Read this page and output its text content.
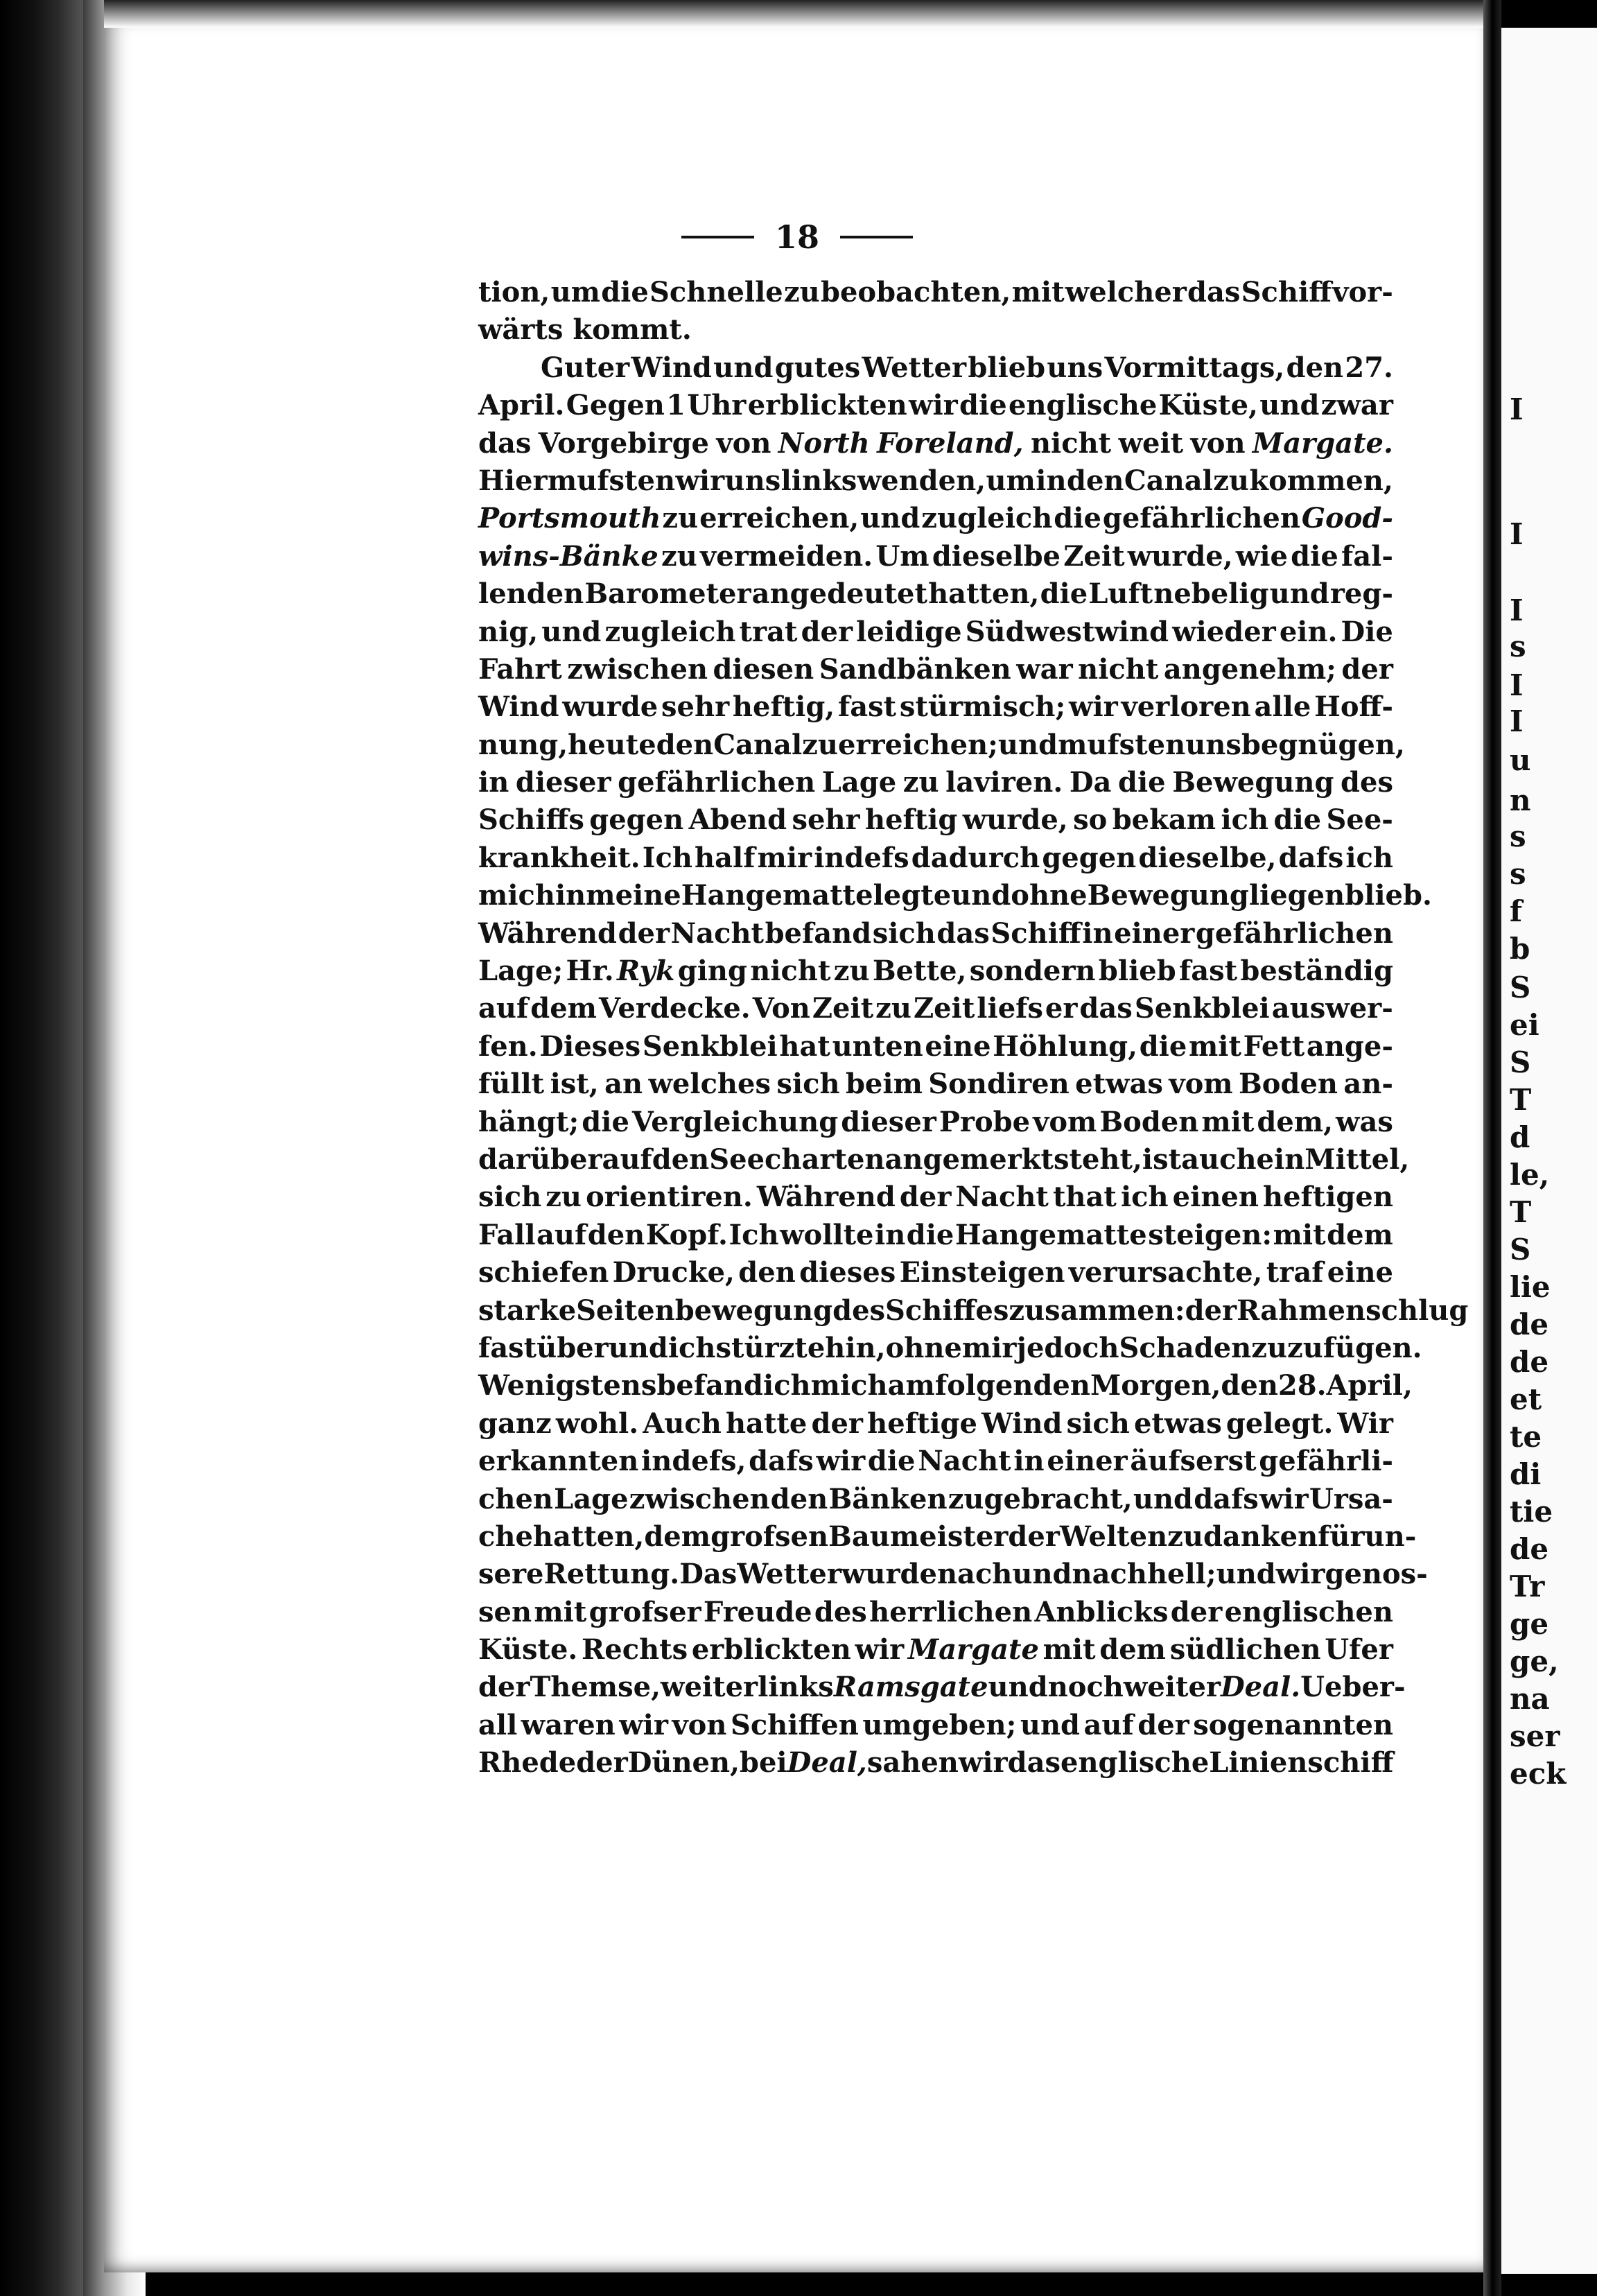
I
I
I
s
I
I
u
n
s
s
f
b
S
ei
S
T
d
le,
T
S
lie
de
de
et
te
di
tie
de
Tr
ge
ge,
na
ser
eck
18
tion, um die Schnelle zu beobachten, mit welcher das Schiff vor-
wärts kommt.
Guter Wind und gutes Wetter blieb uns Vormittags, den 27.
April. Gegen 1 Uhr erblickten wir die englische Küste, und zwar
das Vorgebirge von North Foreland, nicht weit von Margate.
Hier mufsten wir uns links wenden, um in den Canal zu kommen,
Portsmouth zu erreichen, und zugleich die gefährlichen Good-
wins-Bänke zu vermeiden. Um dieselbe Zeit wurde, wie die fal-
lenden Barometer angedeutet hatten, die Luft nebelig und reg-
nig, und zugleich trat der leidige Südwestwind wieder ein. Die
Fahrt zwischen diesen Sandbänken war nicht angenehm; der
Wind wurde sehr heftig, fast stürmisch; wir verloren alle Hoff-
nung, heute den Canal zu erreichen; und mufsten uns begnügen,
in dieser gefährlichen Lage zu laviren. Da die Bewegung des
Schiffs gegen Abend sehr heftig wurde, so bekam ich die See-
krankheit. Ich half mir indefs dadurch gegen dieselbe, dafs ich
mich in meine Hangematte legte und ohne Bewegung liegen blieb.
Während der Nacht befand sich das Schiff in einer gefährlichen
Lage; Hr. Ryk ging nicht zu Bette, sondern blieb fast beständig
auf dem Verdecke. Von Zeit zu Zeit liefs er das Senkblei auswer-
fen. Dieses Senkblei hat unten eine Höhlung, die mit Fett ange-
füllt ist, an welches sich beim Sondiren etwas vom Boden an-
hängt; die Vergleichung dieser Probe vom Boden mit dem, was
darüber auf den Seecharten angemerkt steht, ist auch ein Mittel,
sich zu orientiren. Während der Nacht that ich einen heftigen
Fall auf den Kopf. Ich wollte in die Hangematte steigen: mit dem
schiefen Drucke, den dieses Einsteigen verursachte, traf eine
starke Seitenbewegung des Schiffes zusammen: der Rahmen schlug
fast über und ich stürzte hin, ohne mir jedoch Schaden zuzufügen.
Wenigstens befand ich mich am folgenden Morgen, den 28. April,
ganz wohl. Auch hatte der heftige Wind sich etwas gelegt. Wir
erkannten indefs, dafs wir die Nacht in einer äufserst gefährli-
chen Lage zwischen den Bänken zugebracht, und dafs wir Ursa-
che hatten, dem grofsen Baumeister der Welten zu danken für un-
sere Rettung. Das Wetter wurde nach und nach hell; und wir genos-
sen mit grofser Freude des herrlichen Anblicks der englischen
Küste. Rechts erblickten wir Margate mit dem südlichen Ufer
der Themse, weiter links Ramsgate und noch weiter Deal. Ueber-
all waren wir von Schiffen umgeben; und auf der sogenannten
Rhede der Dünen, bei Deal, sahen wir das englische Linienschiff
